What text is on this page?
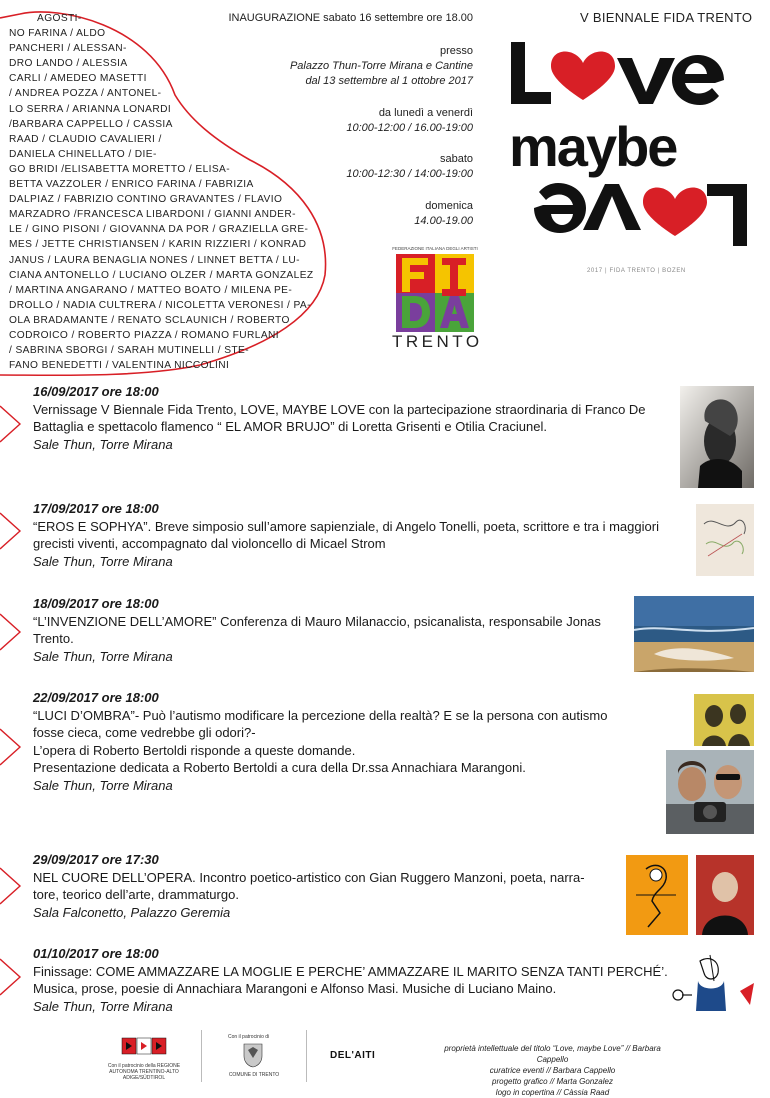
AGOSTI-
NO FARINA / ALDO
PANCHERI / ALESSAN-
DRO LANDO / ALESSIA
CARLI / AMEDEO MASETTI
/ ANDREA POZZA / ANTONEL-
LO SERRA / ARIANNA LONARDI
/BARBARA CAPPELLO / CASSIA
RAAD / CLAUDIO CAVALIERI /
DANIELA CHINELLATO / DIE-
GO BRIDI /ELISABETTA MORETTO / ELISA-
BETTA VAZZOLER / ENRICO FARINA / FABRIZIA
DALPIAZ / FABRIZIO CONTINO GRAVANTES / FLAVIO
MARZADRO /FRANCESCA LIBARDONI / GIANNI ANDER-
LE / GINO PISONI / GIOVANNA DA POR / GRAZIELLA GRE-
MES / JETTE CHRISTIANSEN / KARIN RIZZIERI / KONRAD
JANUS / LAURA BENAGLIA NONES / LINNET BETTA / LU-
CIANA ANTONELLO / LUCIANO OLZER / MARTA GONZALEZ
/ MARTINA ANGARANO / MATTEO BOATO / MILENA PE-
DROLLO / NADIA CULTRERA / NICOLETTA VERONESI / PA-
OLA BRADAMANTE / RENATO SCLAUNICH / ROBERTO
CODROICO / ROBERTO PIAZZA / ROMANO FURLANI
/ SABRINA SBORGI / SARAH MUTINELLI / STE-
FANO BENEDETTI / VALENTINA NICCOLINI
INAUGURAZIONE sabato 16 settembre ore 18.00
presso
Palazzo Thun-Torre Mirana e Cantine
dal 13 settembre al 1 ottobre 2017
da lunedì a venerdì
10:00-12:00 / 16.00-19:00
sabato
10:00-12:30 / 14:00-19:00
domenica
14.00-19.00
V BIENNALE FIDA TRENTO
maybe
2017 | FIDA TRENTO | BOZEN
FEDERAZIONE ITALIANA DEGLI ARTISTI
TRENTO
16/09/2017 ore 18:00
Vernissage V Biennale Fida Trento, LOVE, MAYBE LOVE con la partecipazione straordinaria di Franco De
Battaglia e spettacolo flamenco “ EL AMOR BRUJO” di Loretta Grisenti e Otilia Craciunel.
Sale Thun, Torre Mirana
17/09/2017 ore 18:00
“EROS E SOPHYA”. Breve simposio sull’amore sapienziale, di Angelo Tonelli, poeta, scrittore e tra i maggiori
grecisti viventi, accompagnato dal violoncello di Micael Strom
Sale Thun, Torre Mirana
18/09/2017 ore 18:00
“L’INVENZIONE DELL’AMORE” Conferenza di Mauro Milanaccio, psicanalista, responsabile Jonas
Trento.
Sale Thun, Torre Mirana
22/09/2017 ore 18:00
“LUCI D’OMBRA”- Può l’autismo modificare la percezione della realtà? E se la persona con autismo
fosse cieca, come vedrebbe gli odori?-
L’opera di Roberto Bertoldi risponde a queste domande.
Presentazione dedicata a Roberto Bertoldi a cura della Dr.ssa Annachiara Marangoni.
Sale Thun, Torre Mirana
29/09/2017 ore 17:30
NEL CUORE DELL’OPERA. Incontro poetico-artistico con Gian Ruggero Manzoni, poeta, narra-
tore, teorico dell’arte, drammaturgo.
Sala Falconetto, Palazzo Geremia
01/10/2017 ore 18:00
Finissage: COME AMMAZZARE LA MOGLIE E PERCHE’ AMMAZZARE IL MARITO SENZA TANTI PERCHÉ’.
Musica, prose, poesie di Annachiara Marangoni e Alfonso Masi. Musiche di Luciano Maino.
Sale Thun, Torre Mirana
Con il patrocinio della REGIONE AUTONOMA TRENTINO-ALTO ADIGE/SÜDTIROL
Con il patrocinio di
COMUNE DI TRENTO
DEL'AITI
proprietà intellettuale del titolo “Love, maybe Love” // Barbara Cappello
curatrice eventi // Barbara Cappello
progetto grafico // Marta Gonzalez
logo in copertina // Càssia Raad
